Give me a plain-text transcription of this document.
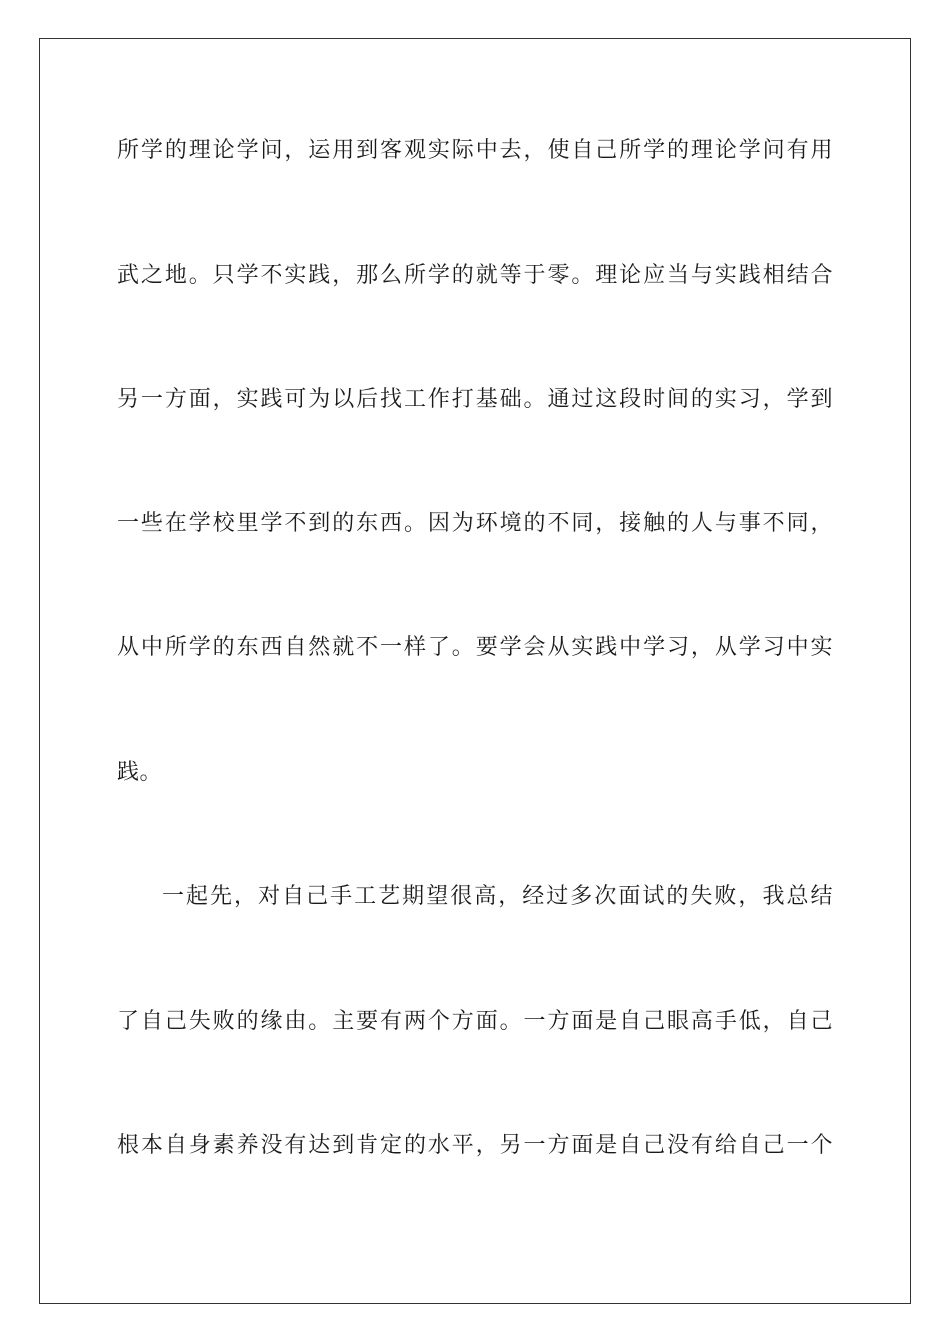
所学的理论学问，运用到客观实际中去，使自己所学的理论学问有用
武之地。只学不实践，那么所学的就等于零。理论应当与实践相结合
另一方面，实践可为以后找工作打基础。通过这段时间的实习，学到
一些在学校里学不到的东西。因为环境的不同，接触的人与事不同，
从中所学的东西自然就不一样了。要学会从实践中学习，从学习中实
践。
一起先，对自己手工艺期望很高，经过多次面试的失败，我总结
了自己失败的缘由。主要有两个方面。一方面是自己眼高手低，自己
根本自身素养没有达到肯定的水平，另一方面是自己没有给自己一个
